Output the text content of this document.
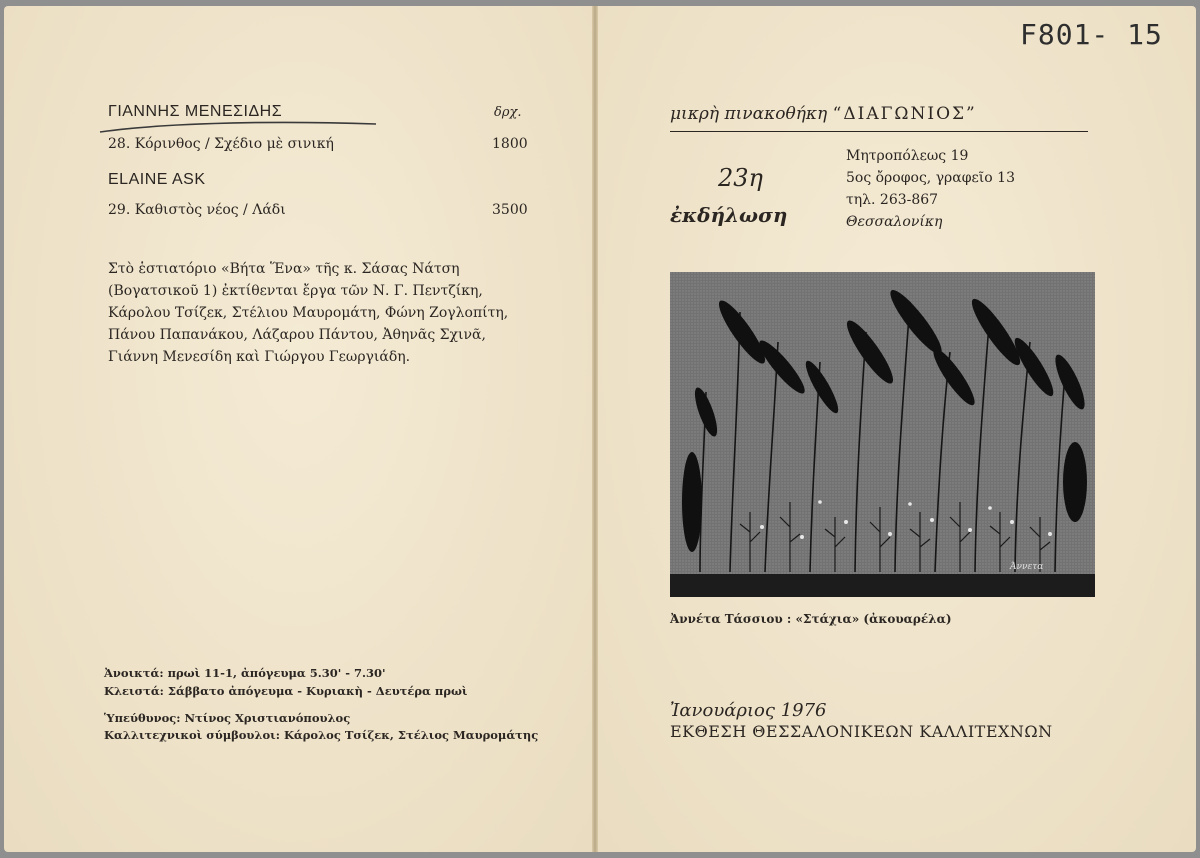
ΓΙΑΝΝΗΣ ΜΕΝΕΣΙΔΗΣ	δρχ.
28. Κόρινθος / Σχέδιο μὲ σινική	1800
ELAINE ASK
29. Καθιστὸς νέος / Λάδι	3500
Στὸ ἑστιατόριο «Βήτα Ἕνα» τῆς κ. Σάσας Νάτση (Βογατσικοῦ 1) ἐκτίθενται ἔργα τῶν Ν. Γ. Πεντζίκη, Κάρολου Τσίζεκ, Στέλιου Μαυρομάτη, Φώνη Ζογλοπίτη, Πάνου Παπανάκου, Λάζαρου Πάντου, Ἀθηνᾶς Σχινᾶ, Γιάννη Μενεσίδη καὶ Γιώργου Γεωργιάδη.
Ἀνοικτά: πρωὶ 11-1, ἀπόγευμα 5.30' - 7.30'
Κλειστά: Σάββατο ἀπόγευμα - Κυριακὴ - Δευτέρα πρωὶ
Ὑπεύθυνος: Ντίνος Χριστιανόπουλος
Καλλιτεχνικοὶ σύμβουλοι: Κάρολος Τσίζεκ, Στέλιος Μαυρομάτης
F801- 15
μικρὴ πινακοθήκη “ΔΙΑΓΩΝΙΟΣ”
23η
ἐκδήλωση
Μητροπόλεως 19
5ος ὄροφος, γραφεῖο 13
τηλ. 263-867
Θεσσαλονίκη
Άννετα
Ἀννέτα Τάσσιου : «Στάχια» (ἀκουαρέλα)
Ἰανουάριος 1976
ΕΚΘΕΣΗ ΘΕΣΣΑΛΟΝΙΚΕΩΝ ΚΑΛΛΙΤΕΧΝΩΝ
